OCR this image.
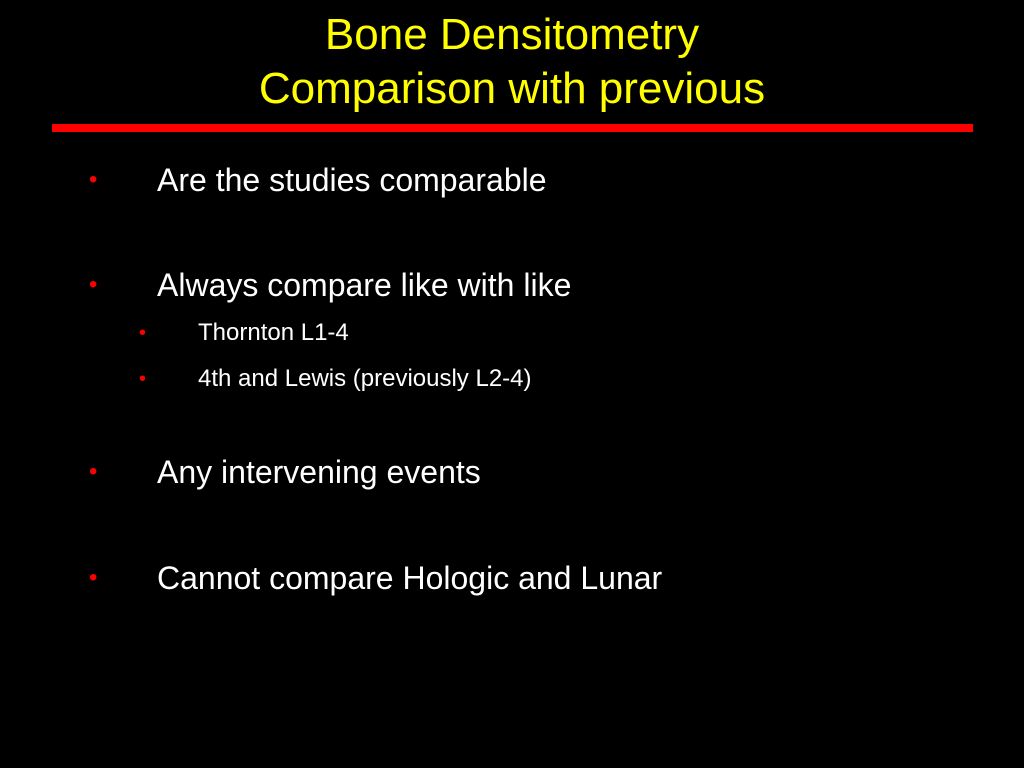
Bone Densitometry
Comparison with previous
• Are the studies comparable
• Always compare like with like
• Thornton L1-4
• 4th and Lewis (previously L2-4)
• Any intervening events
• Cannot compare Hologic and Lunar
